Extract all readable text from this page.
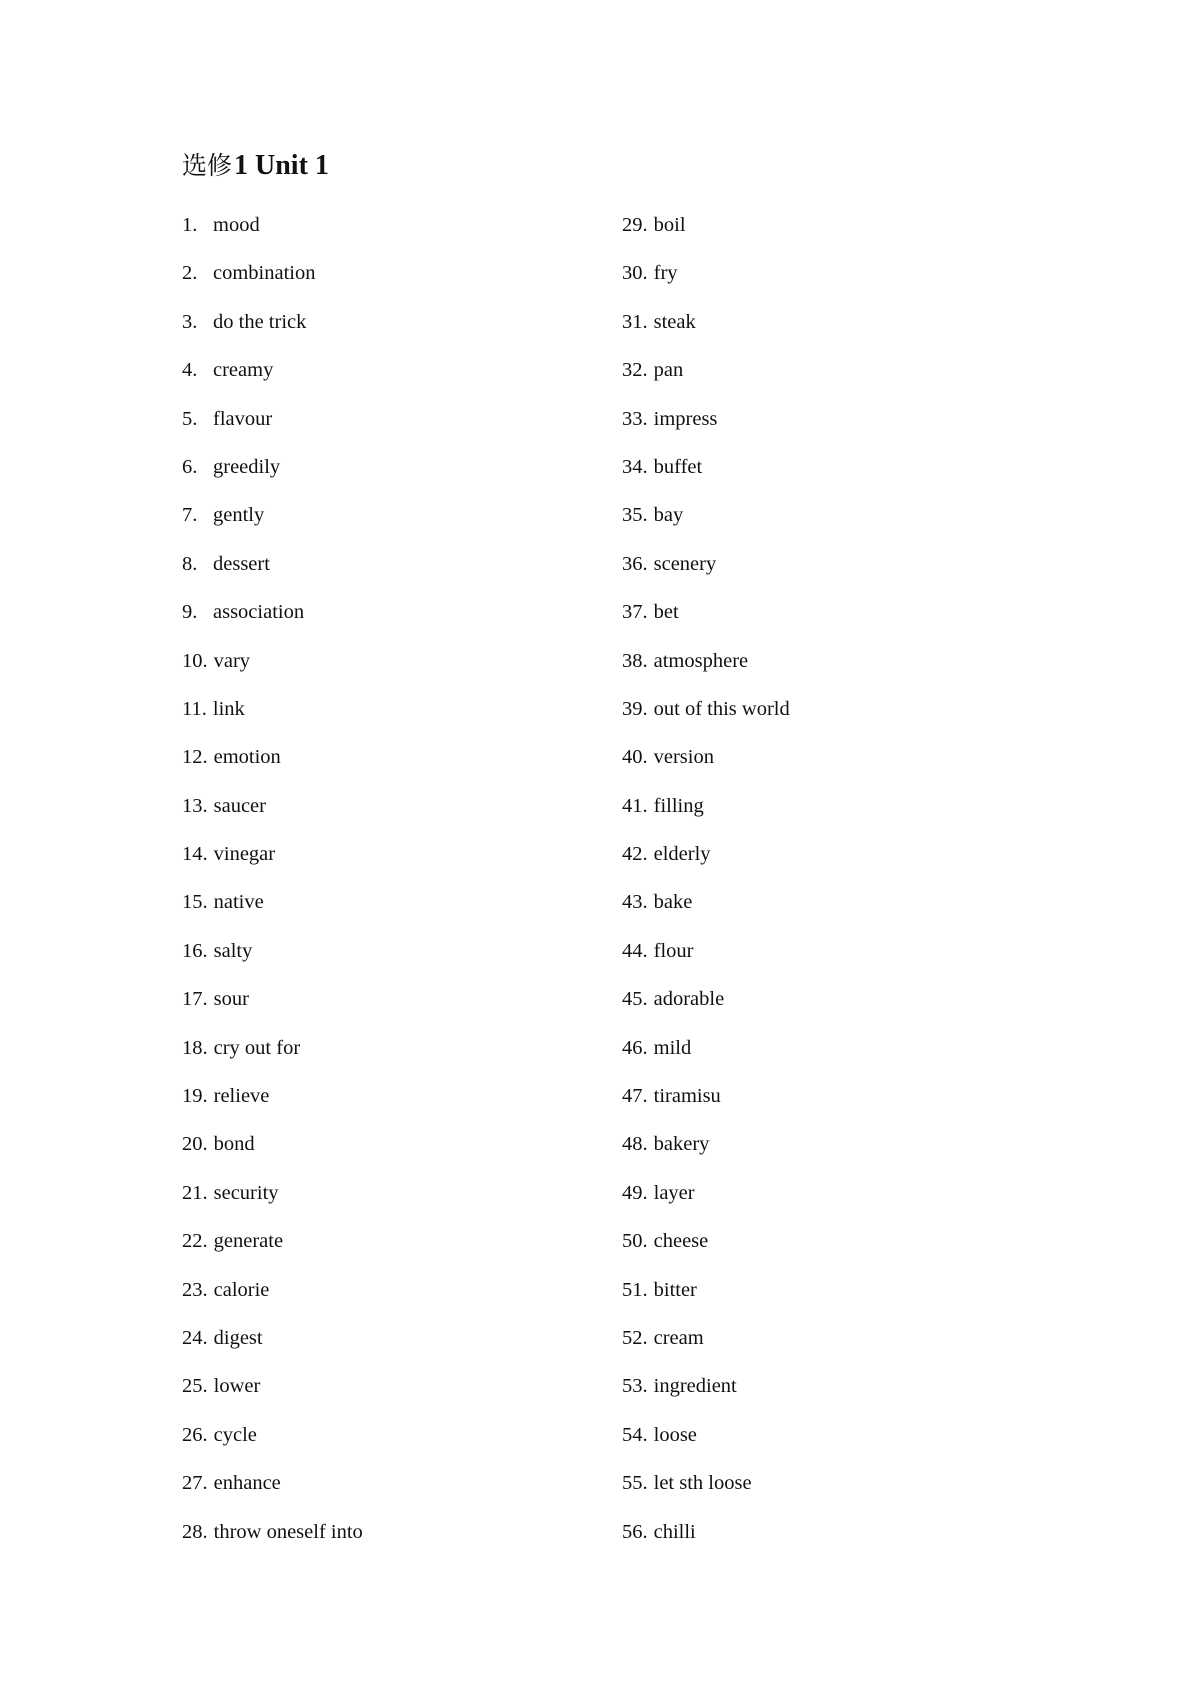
选修1 Unit 1
1. mood
2. combination
3. do the trick
4. creamy
5. flavour
6. greedily
7. gently
8. dessert
9. association
10. vary
11. link
12. emotion
13. saucer
14. vinegar
15. native
16. salty
17. sour
18. cry out for
19. relieve
20. bond
21. security
22. generate
23. calorie
24. digest
25. lower
26. cycle
27. enhance
28. throw oneself into
29. boil
30. fry
31. steak
32. pan
33. impress
34. buffet
35. bay
36. scenery
37. bet
38. atmosphere
39. out of this world
40. version
41. filling
42. elderly
43. bake
44. flour
45. adorable
46. mild
47. tiramisu
48. bakery
49. layer
50. cheese
51. bitter
52. cream
53. ingredient
54. loose
55. let sth loose
56. chilli
